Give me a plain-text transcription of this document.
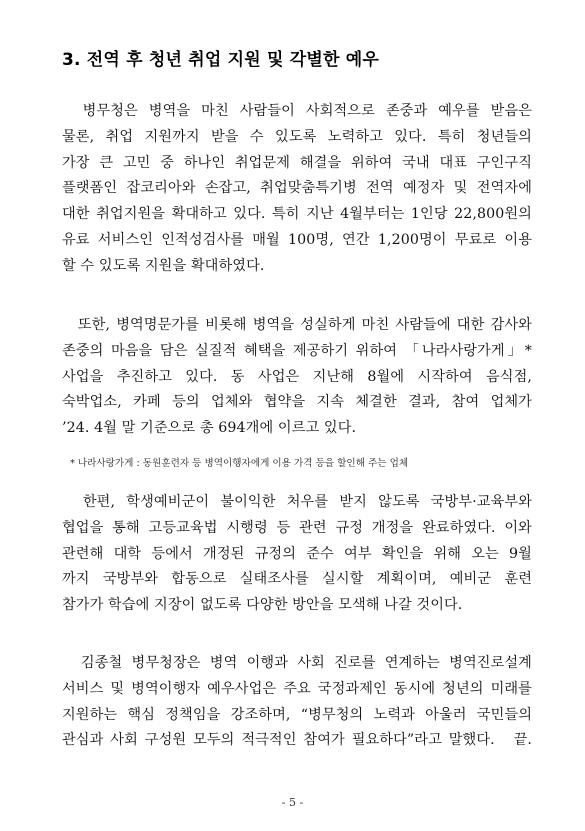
3. 전역 후 청년 취업 지원 및 각별한 예우
　병무청은 병역을 마친 사람들이 사회적으로 존중과 예우를 받음은
물론, 취업 지원까지 받을 수 있도록 노력하고 있다. 특히 청년들의
가장 큰 고민 중 하나인 취업문제 해결을 위하여 국내 대표 구인구직
플랫폼인 잡코리아와 손잡고, 취업맞춤특기병 전역 예정자 및 전역자에
대한 취업지원을 확대하고 있다. 특히 지난 4월부터는 1인당 22,800원의
유료 서비스인 인적성검사를 매월 100명, 연간 1,200명이 무료로 이용
할 수 있도록 지원을 확대하였다.
　또한, 병역명문가를 비롯해 병역을 성실하게 마친 사람들에 대한 감사와
존중의 마음을 담은 실질적 혜택을 제공하기 위하여 「나라사랑가게」*
사업을 추진하고 있다. 동 사업은 지난해 8월에 시작하여 음식점,
숙박업소, 카페 등의 업체와 협약을 지속 체결한 결과, 참여 업체가
’24. 4월 말 기준으로 총 694개에 이르고 있다.
* 나라사랑가게 : 동원훈련자 등 병역이행자에게 이용 가격 등을 할인해 주는 업체
　한편, 학생예비군이 불이익한 처우를 받지 않도록 국방부·교육부와
협업을 통해 고등교육법 시행령 등 관련 규정 개정을 완료하였다. 이와
관련해 대학 등에서 개정된 규정의 준수 여부 확인을 위해 오는 9월
까지 국방부와 합동으로 실태조사를 실시할 계획이며, 예비군 훈련
참가가 학습에 지장이 없도록 다양한 방안을 모색해 나갈 것이다.
　김종철 병무청장은 병역 이행과 사회 진로를 연계하는 병역진로설계
서비스 및 병역이행자 예우사업은 주요 국정과제인 동시에 청년의 미래를
지원하는 핵심 정책임을 강조하며, “병무청의 노력과 아울러 국민들의
관심과 사회 구성원 모두의 적극적인 참여가 필요하다”라고 말했다.　끝.
- 5 -
